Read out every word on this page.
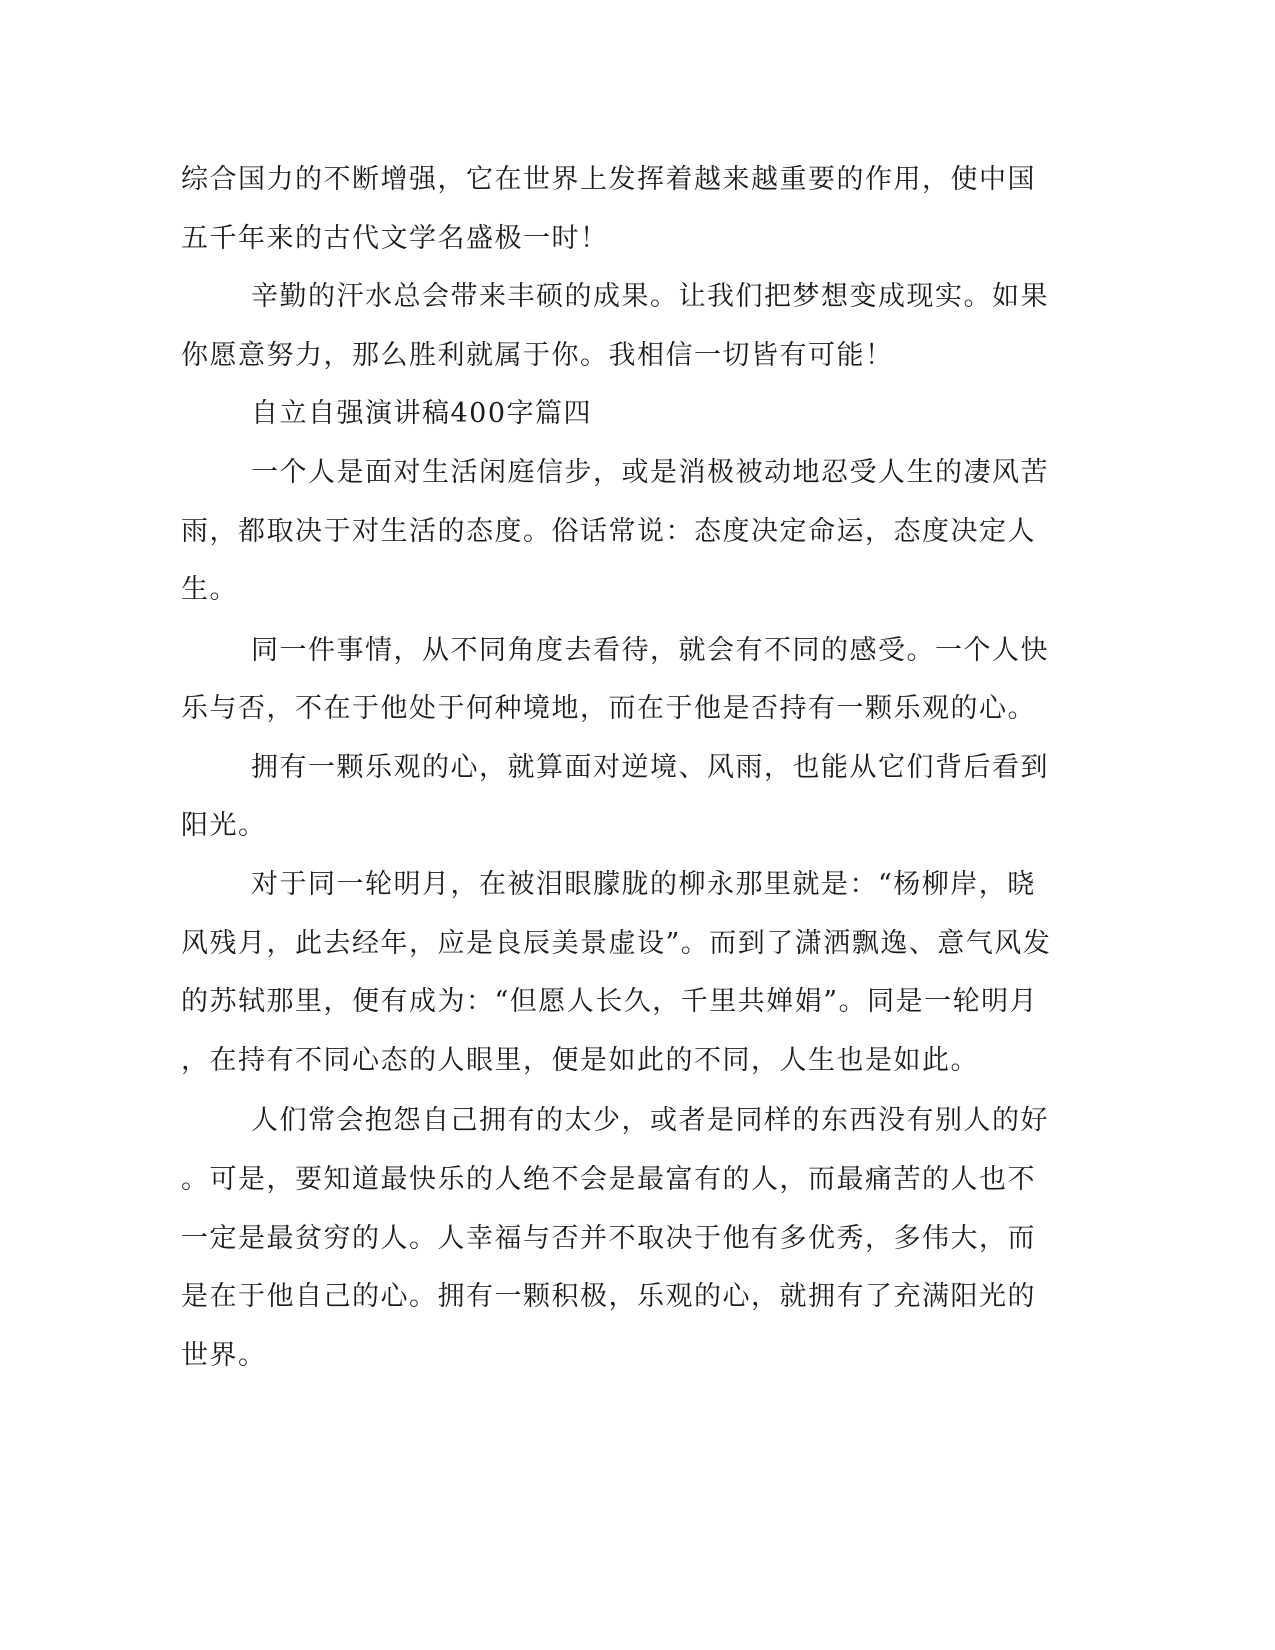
综合国力的不断增强，它在世界上发挥着越来越重要的作用，使中国
五千年来的古代文学名盛极一时！
辛勤的汗水总会带来丰硕的成果。让我们把梦想变成现实。如果
你愿意努力，那么胜利就属于你。我相信一切皆有可能！
自立自强演讲稿400字篇四
一个人是面对生活闲庭信步，或是消极被动地忍受人生的凄风苦
雨，都取决于对生活的态度。俗话常说：态度决定命运，态度决定人
生。
同一件事情，从不同角度去看待，就会有不同的感受。一个人快
乐与否，不在于他处于何种境地，而在于他是否持有一颗乐观的心。
拥有一颗乐观的心，就算面对逆境、风雨，也能从它们背后看到
阳光。
对于同一轮明月，在被泪眼朦胧的柳永那里就是：“杨柳岸，晓
风残月，此去经年，应是良辰美景虚设”。而到了潇洒飘逸、意气风发
的苏轼那里，便有成为：“但愿人长久，千里共婵娟”。同是一轮明月
，在持有不同心态的人眼里，便是如此的不同，人生也是如此。
人们常会抱怨自己拥有的太少，或者是同样的东西没有别人的好
。可是，要知道最快乐的人绝不会是最富有的人，而最痛苦的人也不
一定是最贫穷的人。人幸福与否并不取决于他有多优秀，多伟大，而
是在于他自己的心。拥有一颗积极，乐观的心，就拥有了充满阳光的
世界。
